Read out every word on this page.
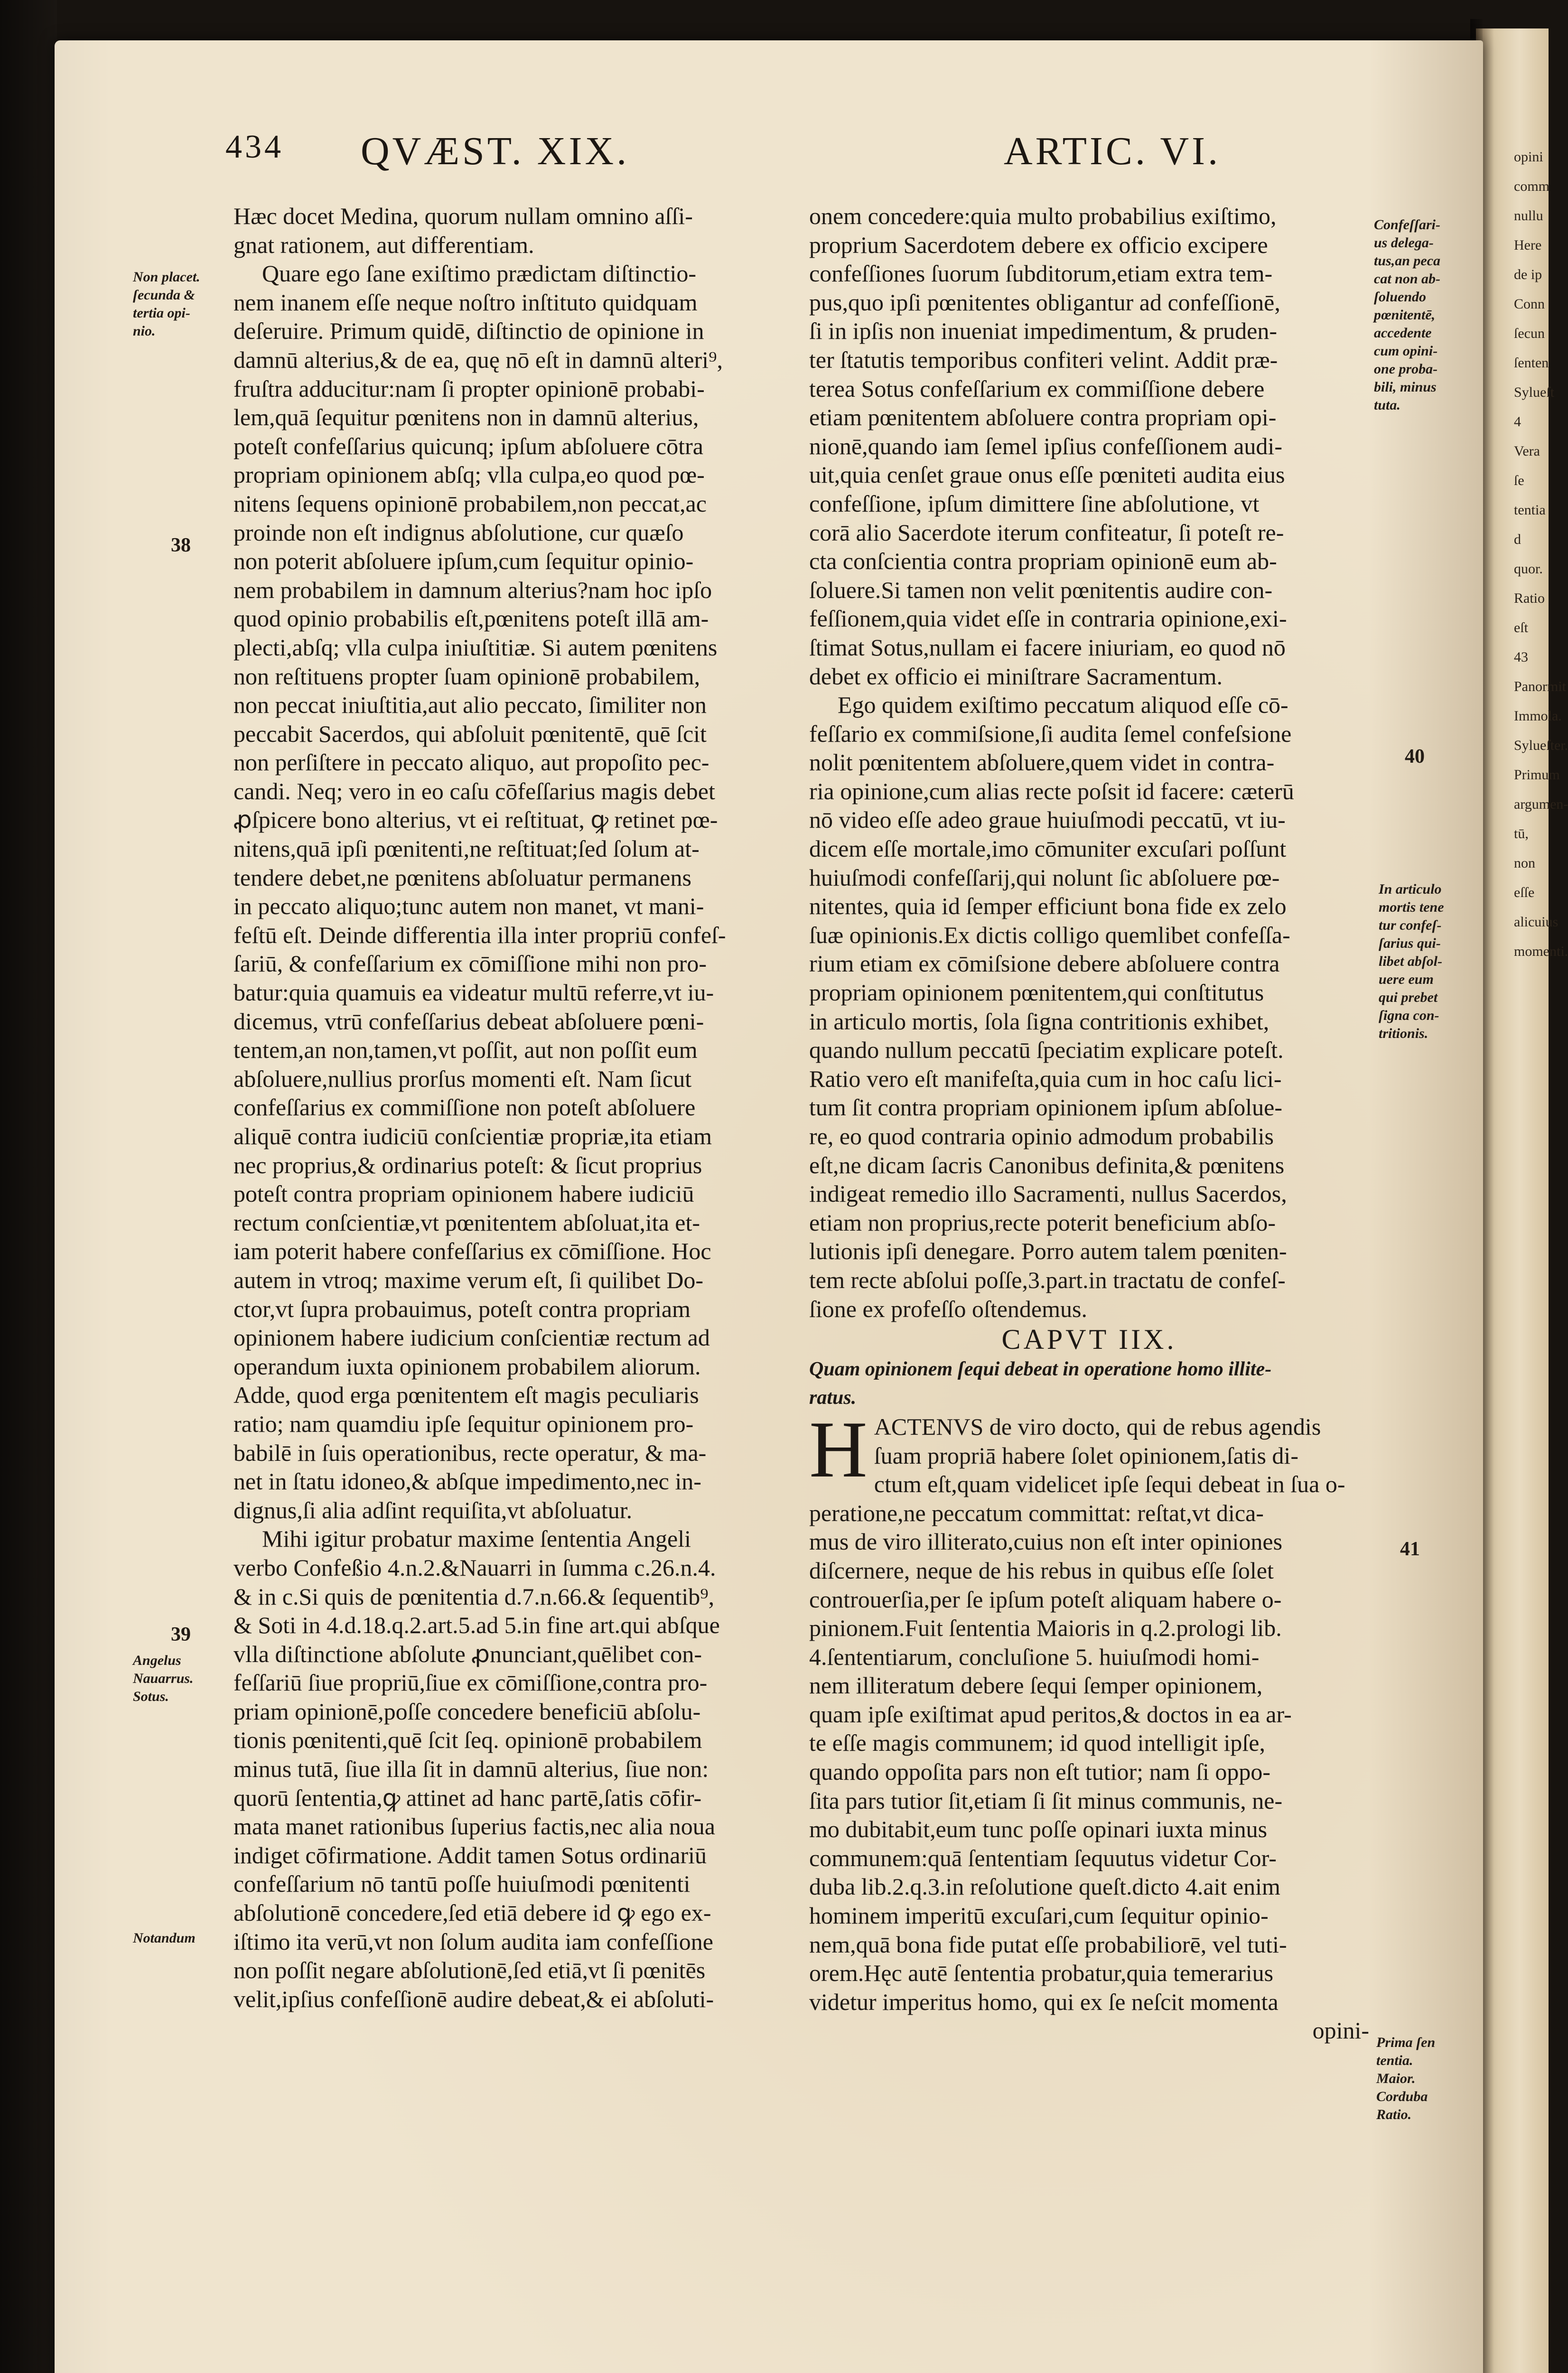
opini
comm
nullu
Here
de ip
Conn
ſecun
ſenten
Sylueſt
4
Vera ſe
tentia d
quor.
Ratio eſt
43
Panormit
Immola.
Sylueſter.
Primum
argumen-
tū, non eſſe
alicuius
momenti.
434 QVÆST. XIX.	ARTIC. VI.

Hæc docet Medina, quorum nullam omnino aſſi-
gnat rationem, aut differentiam.

Quare ego ſane exiſtimo prædictam diſtinctio-
nem inanem eſſe neque noſtro inſtituto quidquam
deſeruire. Primum quidē, diſtinctio de opinione in
damnū alterius,& de ea, quę nō eſt in damnū alteri⁹,
fruſtra adducitur:nam ſi propter opinionē probabi-
lem,quā ſequitur pœnitens non in damnū alterius,
poteſt confeſſarius quicunq; ipſum abſoluere cōtra
propriam opinionem abſq; vlla culpa,eo quod pœ-
nitens ſequens opinionē probabilem,non peccat,ac
proinde non eſt indignus abſolutione, cur quæſo
non poterit abſoluere ipſum,cum ſequitur opinio-
nem probabilem in damnum alterius?nam hoc ipſo
quod opinio probabilis eſt,pœnitens poteſt illā am-
plecti,abſq; vlla culpa iniuſtitiæ. Si autem pœnitens
non reſtituens propter ſuam opinionē probabilem,
non peccat iniuſtitia,aut alio peccato, ſimiliter non
peccabit Sacerdos, qui abſoluit pœnitentē, quē ſcit
non perſiſtere in peccato aliquo, aut propoſito pec-
candi. Neq; vero in eo caſu cōfeſſarius magis debet
ꝓſpicere bono alterius, vt ei reſtituat, ꝙ retinet pœ-
nitens,quā ipſi pœnitenti,ne reſtituat;ſed ſolum at-
tendere debet,ne pœnitens abſoluatur permanens
in peccato aliquo;tunc autem non manet, vt mani-
feſtū eſt. Deinde differentia illa inter propriū confeſ-
ſariū, & confeſſarium ex cōmiſſione mihi non pro-
batur:quia quamuis ea videatur multū referre,vt iu-
dicemus, vtrū confeſſarius debeat abſoluere pœni-
tentem,an non,tamen,vt poſſit, aut non poſſit eum
abſoluere,nullius prorſus momenti eſt. Nam ſicut
confeſſarius ex commiſſione non poteſt abſoluere
aliquē contra iudiciū conſcientiæ propriæ,ita etiam
nec proprius,& ordinarius poteſt: & ſicut proprius
poteſt contra propriam opinionem habere iudiciū
rectum conſcientiæ,vt pœnitentem abſoluat,ita et-
iam poterit habere confeſſarius ex cōmiſſione. Hoc
autem in vtroq; maxime verum eſt, ſi quilibet Do-
ctor,vt ſupra probauimus, poteſt contra propriam
opinionem habere iudicium conſcientiæ rectum ad
operandum iuxta opinionem probabilem aliorum.
Adde, quod erga pœnitentem eſt magis peculiaris
ratio; nam quamdiu ipſe ſequitur opinionem pro-
babilē in ſuis operationibus, recte operatur, & ma-
net in ſtatu idoneo,& abſque impedimento,nec in-
dignus,ſi alia adſint requiſita,vt abſoluatur.

Mihi igitur probatur maxime ſententia Angeli
verbo Confeßio 4.n.2.&Nauarri in ſumma c.26.n.4.
& in c.Si quis de pœnitentia d.7.n.66.& ſequentib⁹,
& Soti in 4.d.18.q.2.art.5.ad 5.in fine art.qui abſque
vlla diſtinctione abſolute ꝓnunciant,quēlibet con-
feſſariū ſiue propriū,ſiue ex cōmiſſione,contra pro-
priam opinionē,poſſe concedere beneficiū abſolu-
tionis pœnitenti,quē ſcit ſeq. opinionē probabilem
minus tutā, ſiue illa ſit in damnū alterius, ſiue non:
quorū ſententia,ꝙ attinet ad hanc partē,ſatis cōfir-
mata manet rationibus ſuperius factis,nec alia noua
indiget cōfirmatione. Addit tamen Sotus ordinariū
confeſſarium nō tantū poſſe huiuſmodi pœnitenti
abſolutionē concedere,ſed etiā debere id ꝙ ego ex-
iſtimo ita verū,vt non ſolum audita iam confeſſione
non poſſit negare abſolutionē,ſed etiā,vt ſi pœnitēs
velit,ipſius confeſſionē audire debeat,& ei abſoluti-

onem concedere:quia multo probabilius exiſtimo,
proprium Sacerdotem debere ex officio excipere
confeſſiones ſuorum ſubditorum,etiam extra tem-
pus,quo ipſi pœnitentes obligantur ad confeſſionē,
ſi in ipſis non inueniat impedimentum, & pruden-
ter ſtatutis temporibus confiteri velint. Addit præ-
terea Sotus confeſſarium ex commiſſione debere
etiam pœnitentem abſoluere contra propriam opi-
nionē,quando iam ſemel ipſius confeſſionem audi-
uit,quia cenſet graue onus eſſe pœniteti audita eius
confeſſione, ipſum dimittere ſine abſolutione, vt
corā alio Sacerdote iterum confiteatur, ſi poteſt re-
cta conſcientia contra propriam opinionē eum ab-
ſoluere.Si tamen non velit pœnitentis audire con-
feſſionem,quia videt eſſe in contraria opinione,exi-
ſtimat Sotus,nullam ei facere iniuriam, eo quod nō
debet ex officio ei miniſtrare Sacramentum.

Ego quidem exiſtimo peccatum aliquod eſſe cō-
feſſario ex commiſsione,ſi audita ſemel confeſsione
nolit pœnitentem abſoluere,quem videt in contra-
ria opinione,cum alias recte poſsit id facere: cæterū
nō video eſſe adeo graue huiuſmodi peccatū, vt iu-
dicem eſſe mortale,imo cōmuniter excuſari poſſunt
huiuſmodi confeſſarij,qui nolunt ſic abſoluere pœ-
nitentes, quia id ſemper efficiunt bona fide ex zelo
ſuæ opinionis.Ex dictis colligo quemlibet confeſſa-
rium etiam ex cōmiſsione debere abſoluere contra
propriam opinionem pœnitentem,qui conſtitutus
in articulo mortis, ſola ſigna contritionis exhibet,
quando nullum peccatū ſpeciatim explicare poteſt.
Ratio vero eſt manifeſta,quia cum in hoc caſu lici-
tum ſit contra propriam opinionem ipſum abſolue-
re, eo quod contraria opinio admodum probabilis
eſt,ne dicam ſacris Canonibus definita,& pœnitens
indigeat remedio illo Sacramenti, nullus Sacerdos,
etiam non proprius,recte poterit beneficium abſo-
lutionis ipſi denegare. Porro autem talem pœniten-
tem recte abſolui poſſe,3.part.in tractatu de confeſ-
ſione ex profeſſo oſtendemus.

CAPVT IIX.

Quam opinionem ſequi debeat in operatione homo illite-
ratus.

HACTENVS de viro docto, qui de rebus agendis
ſuam propriā habere ſolet opinionem,ſatis di-
ctum eſt,quam videlicet ipſe ſequi debeat in ſua o-
peratione,ne peccatum committat: reſtat,vt dica-
mus de viro illiterato,cuius non eſt inter opiniones
diſcernere, neque de his rebus in quibus eſſe ſolet
controuerſia,per ſe ipſum poteſt aliquam habere o-
pinionem.Fuit ſententia Maioris in q.2.prologi lib.
4.ſententiarum, concluſione 5. huiuſmodi homi-
nem illiteratum debere ſequi ſemper opinionem,
quam ipſe exiſtimat apud peritos,& doctos in ea ar-
te eſſe magis communem; id quod intelligit ipſe,
quando oppoſita pars non eſt tutior; nam ſi oppo-
ſita pars tutior ſit,etiam ſi ſit minus communis, ne-
mo dubitabit,eum tunc poſſe opinari iuxta minus
communem:quā ſententiam ſequutus videtur Cor-
duba lib.2.q.3.in reſolutione queſt.dicto 4.ait enim
hominem imperitū excuſari,cum ſequitur opinio-
nem,quā bona fide putat eſſe probabiliorē, vel tuti-
orem.Hęc autē ſententia probatur,quia temerarius
videtur imperitus homo, qui ex ſe neſcit momenta

opini-

Non placet.
ſecunda &
tertia opi-
nio.
38
39
Angelus
Nauarrus.
Sotus.
Notandum
Confeſſari-
us delega-
tus,an peca
cat non ab-
ſoluendo
pœnitentē,
accedente
cum opini-
one proba-
bili, minus
tuta.
40
In articulo
mortis tene
tur confeſ-
ſarius qui-
libet abſol-
uere eum
qui prebet
ſigna con-
tritionis.
41
Prima ſen
tentia.
Maior.
Corduba
Ratio.
